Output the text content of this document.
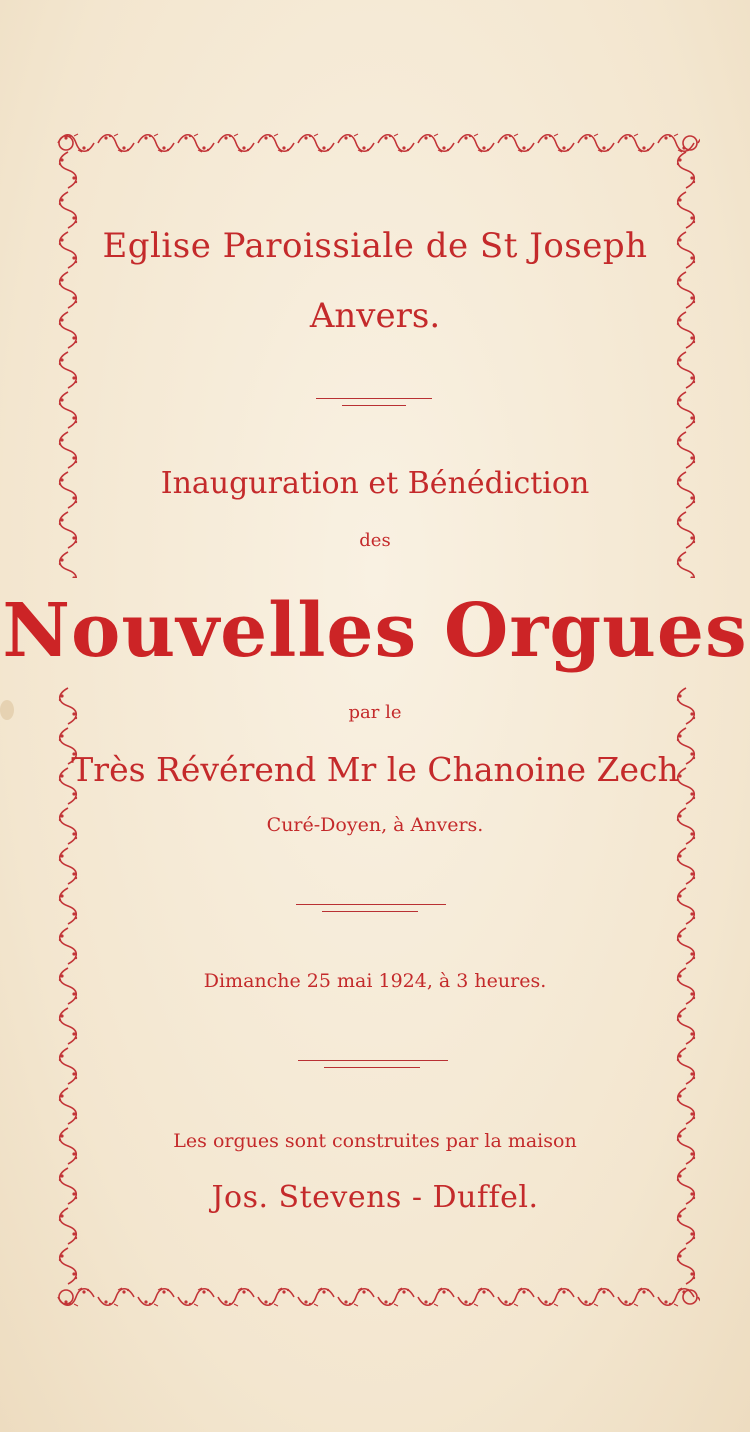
Eglise Paroissiale de St Joseph
Anvers.
Inauguration et Bénédiction
des
Nouvelles Orgues
par le
Très Révérend Mr le Chanoine Zech
Curé-Doyen, à Anvers.
Dimanche 25 mai 1924, à 3 heures.
Les orgues sont construites par la maison
Jos. Stevens - Duffel.
